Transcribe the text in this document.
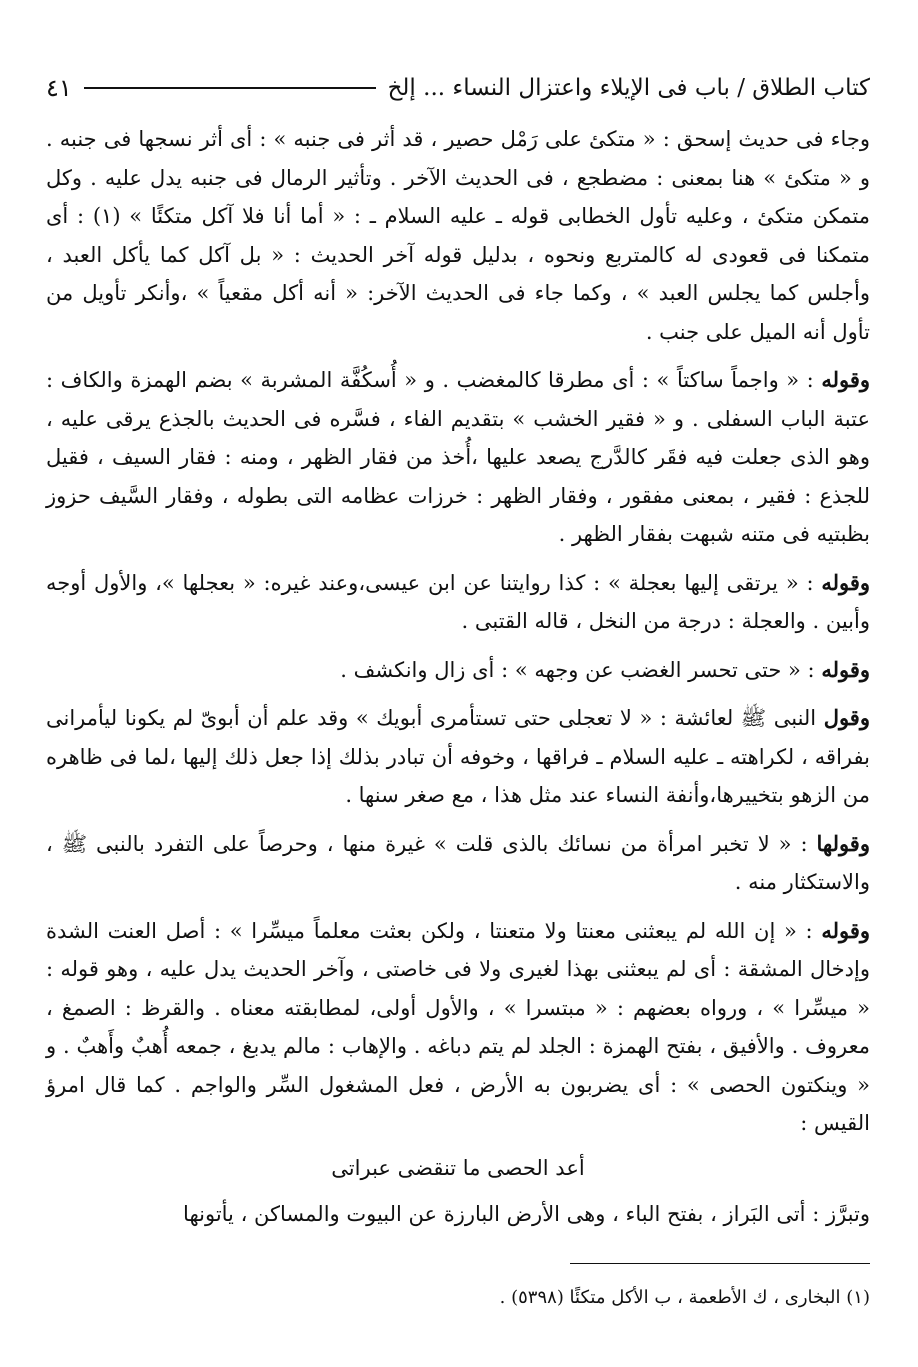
كتاب الطلاق / باب فى الإيلاء واعتزال النساء ... إلخ
٤١

وجاء فى حديث إسحق : « متكئ على رَمْل حصير ، قد أثر فى جنبه » : أى أثر نسجها فى جنبه . و « متكئ » هنا بمعنى : مضطجع ، فى الحديث الآخر . وتأثير الرمال فى جنبه يدل عليه . وكل متمكن متكئ ، وعليه تأول الخطابى قوله ـ عليه السلام ـ : « أما أنا فلا آكل متكئًا » (١) : أى متمكنا فى قعودى له كالمتربع ونحوه ، بدليل قوله آخر الحديث : « بل آكل كما يأكل العبد ، وأجلس كما يجلس العبد » ، وكما جاء فى الحديث الآخر: « أنه أكل مقعياً » ،وأنكر تأويل من تأول أنه الميل على جنب .

وقوله : « واجماً ساكتاً » : أى مطرقا كالمغضب . و « أُسكُفَّة المشربة » بضم الهمزة والكاف : عتبة الباب السفلى . و « فقير الخشب » بتقديم الفاء ، فسَّره فى الحديث بالجذع يرقى عليه ، وهو الذى جعلت فيه فقَر كالدَّرج يصعد عليها ،أُخذ من فقار الظهر ، ومنه : فقار السيف ، فقيل للجذع : فقير ، بمعنى مفقور ، وفقار الظهر : خرزات عظامه التى بطوله ، وفقار السَّيف حزوز بظبتيه فى متنه شبهت بفقار الظهر .

وقوله : « يرتقى إليها بعجلة » : كذا روايتنا عن ابن عيسى،وعند غيره: « بعجلها »، والأول أوجه وأبين . والعجلة : درجة من النخل ، قاله القتبى .

وقوله : « حتى تحسر الغضب عن وجهه » : أى زال وانكشف .

وقول النبى ﷺ لعائشة : « لا تعجلى حتى تستأمرى أبويك » وقد علم أن أبوىّ لم يكونا ليأمرانى بفراقه ، لكراهته ـ عليه السلام ـ فراقها ، وخوفه أن تبادر بذلك إذا جعل ذلك إليها ،لما فى ظاهره من الزهو بتخييرها،وأنفة النساء عند مثل هذا ، مع صغر سنها .

وقولها : « لا تخبر امرأة من نسائك بالذى قلت » غيرة منها ، وحرصاً على التفرد بالنبى ﷺ ، والاستكثار منه .

وقوله : « إن الله لم يبعثنى معنتا ولا متعنتا ، ولكن بعثت معلماً ميسِّرا » : أصل العنت الشدة وإدخال المشقة : أى لم يبعثنى بهذا لغيرى ولا فى خاصتى ، وآخر الحديث يدل عليه ، وهو قوله : « ميسِّرا » ، ورواه بعضهم : « مبتسرا » ، والأول أولى، لمطابقته معناه . والقرظ : الصمغ ، معروف . والأفيق ، بفتح الهمزة : الجلد لم يتم دباغه . والإهاب : مالم يدبغ ، جمعه أُهبٌ وأَهبٌ . و « وينكتون الحصى » : أى يضربون به الأرض ، فعل المشغول السِّر والواجم . كما قال امرؤ القيس :

أعد الحصى ما تنقضى عبراتى

وتبرَّز : أتى البَراز ، بفتح الباء ، وهى الأرض البارزة عن البيوت والمساكن ، يأتونها

(١) البخارى ، ك الأطعمة ، ب الأكل متكئًا (٥٣٩٨) .
